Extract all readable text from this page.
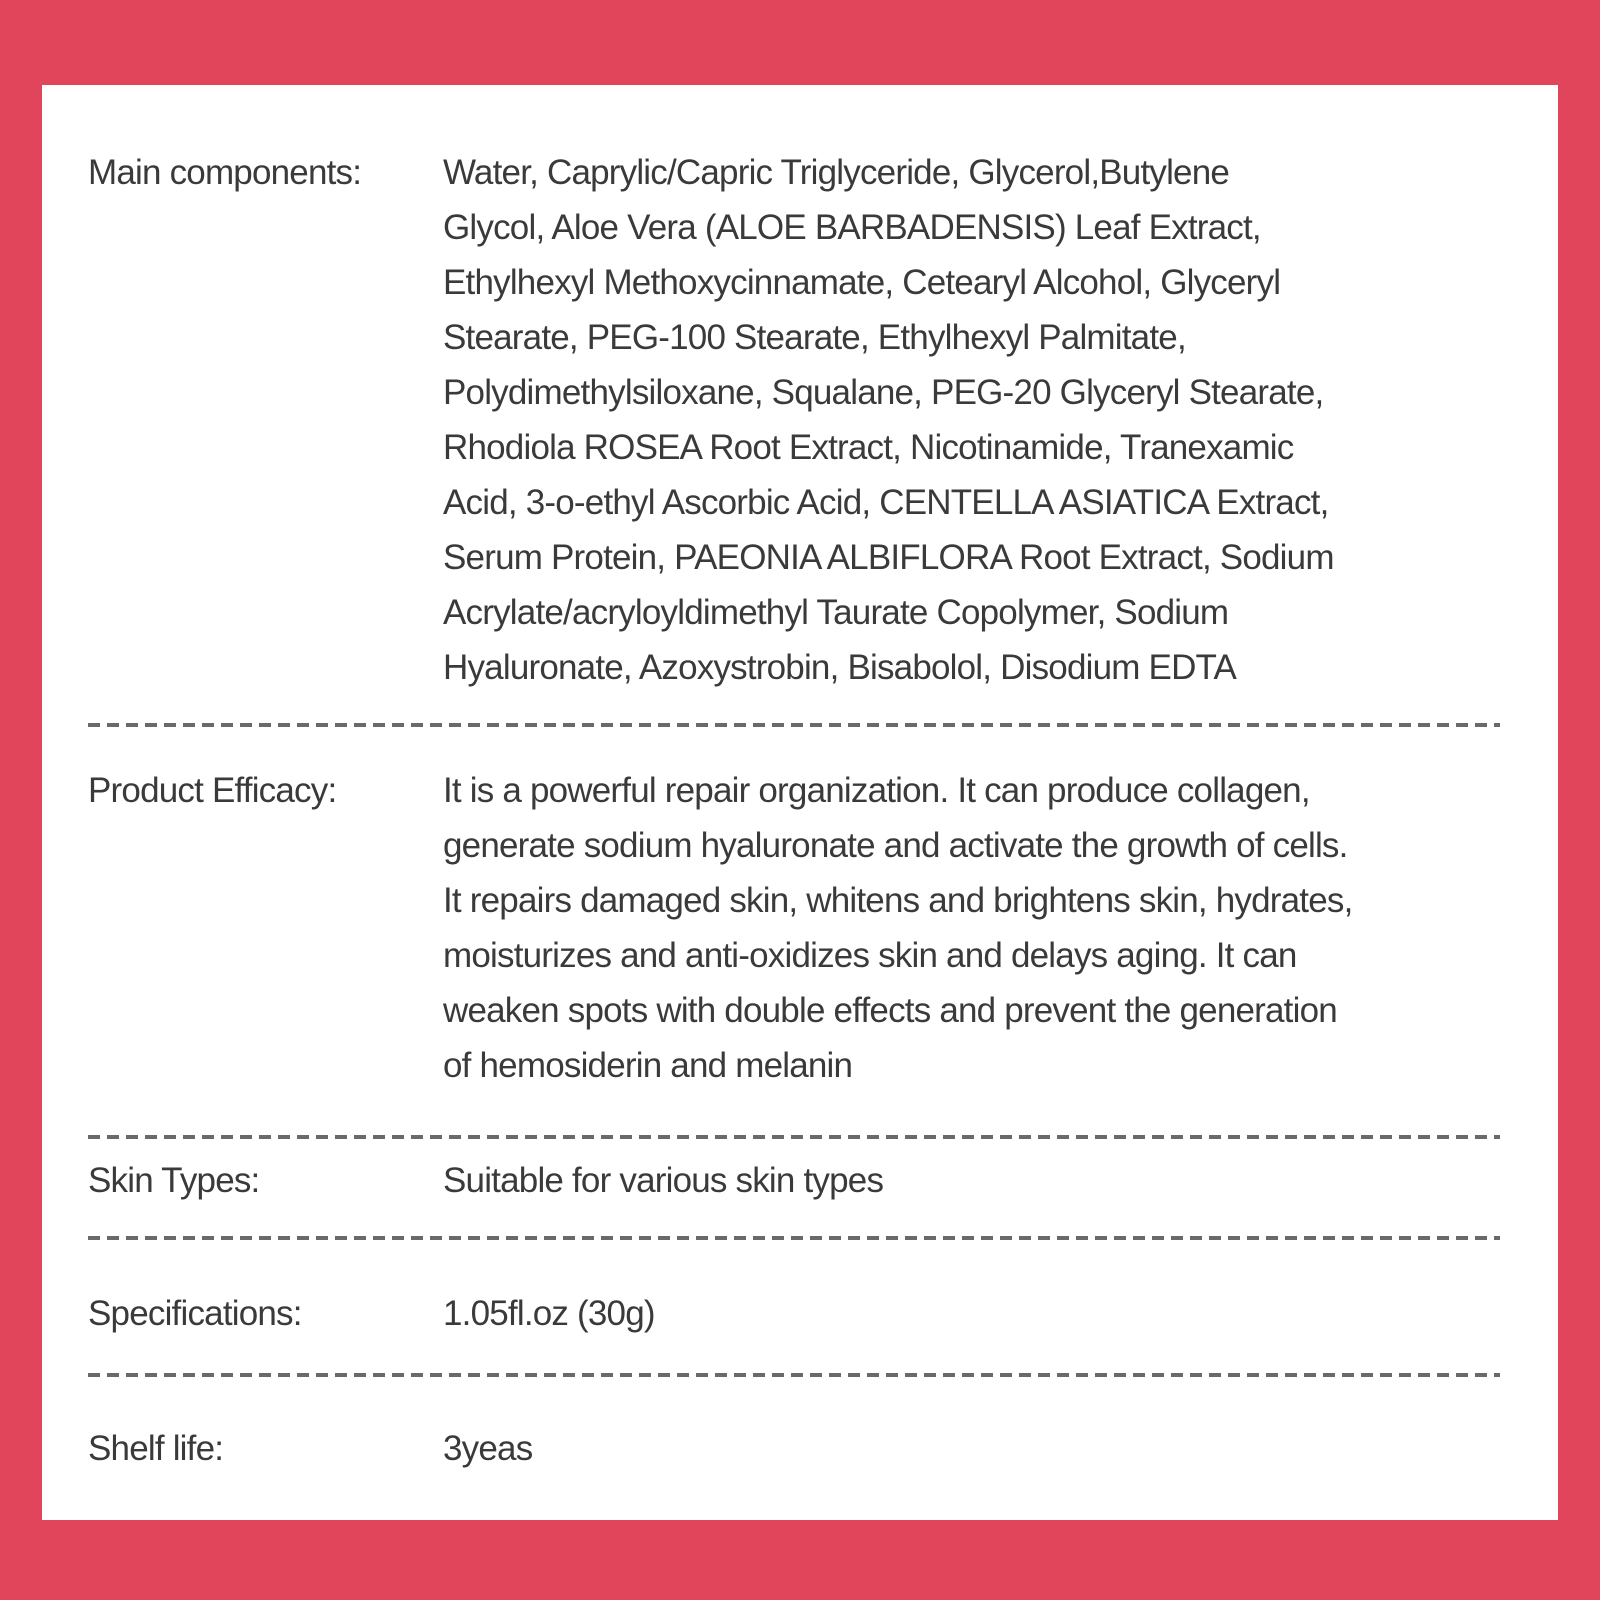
Main components:	Water, Caprylic/Capric Triglyceride, Glycerol,Butylene
Glycol, Aloe Vera (ALOE BARBADENSIS) Leaf Extract,
Ethylhexyl Methoxycinnamate, Cetearyl Alcohol, Glyceryl
Stearate, PEG-100 Stearate, Ethylhexyl Palmitate,
Polydimethylsiloxane, Squalane, PEG-20 Glyceryl Stearate,
Rhodiola ROSEA Root Extract, Nicotinamide, Tranexamic
Acid, 3-o-ethyl Ascorbic Acid, CENTELLA ASIATICA Extract,
Serum Protein, PAEONIA ALBIFLORA Root Extract, Sodium
Acrylate/acryloyldimethyl Taurate Copolymer, Sodium
Hyaluronate, Azoxystrobin, Bisabolol, Disodium EDTA
Product Efficacy:	It is a powerful repair organization. It can produce collagen,
generate sodium hyaluronate and activate the growth of cells.
It repairs damaged skin, whitens and brightens skin, hydrates,
moisturizes and anti-oxidizes skin and delays aging. It can
weaken spots with double effects and prevent the generation
of hemosiderin and melanin
Skin Types:	Suitable for various skin types
Specifications:	1.05fl.oz (30g)
Shelf life:	3yeas
